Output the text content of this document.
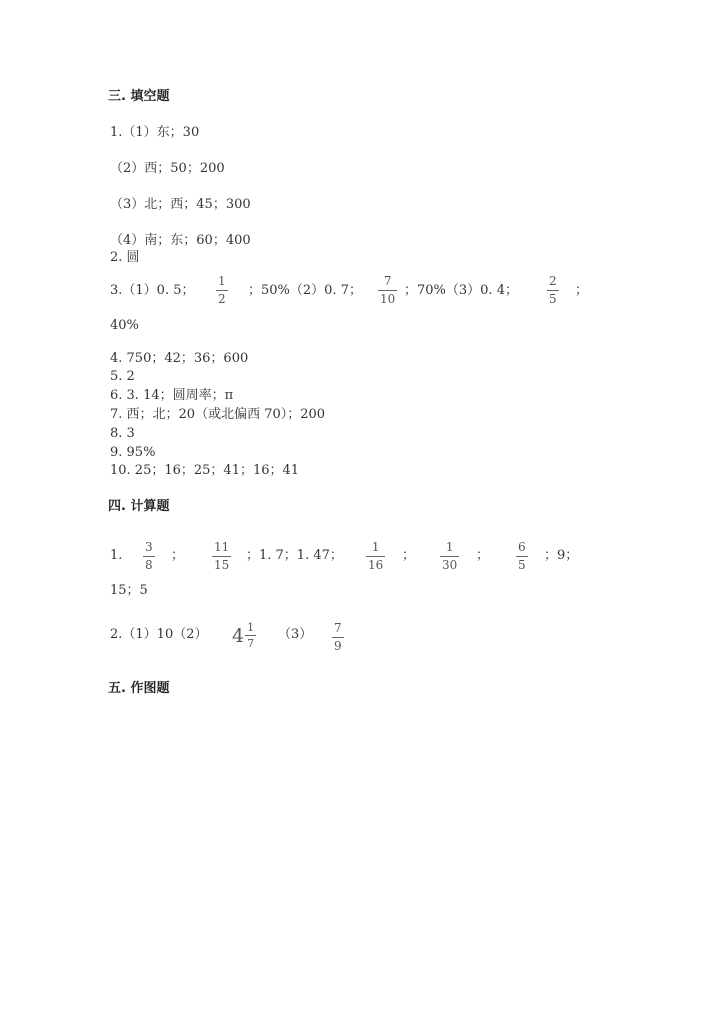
三. 填空题
1.（1）东；30
（2）西；50；200
（3）北；西；45；300
（4）南；东；60；400
2. 圆
3.（1）0. 5；
1
2
；50%（2）0. 7；
7
10
；70%（3）0. 4；
2
5
；
40%
4. 750；42；36；600
5. 2
6. 3. 14；圆周率；π
7. 西；北；20（或北偏西 70）；200
8. 3
9. 95%
10. 25；16；25；41；16；41
四. 计算题
1.
3
8
；
11
15
；1. 7；1. 47；
1
16
；
1
30
；
6
5
；9；
15；5
2.（1）10（2） $4 \frac{1}{7} (3)$ 7
9
五. 作图题
